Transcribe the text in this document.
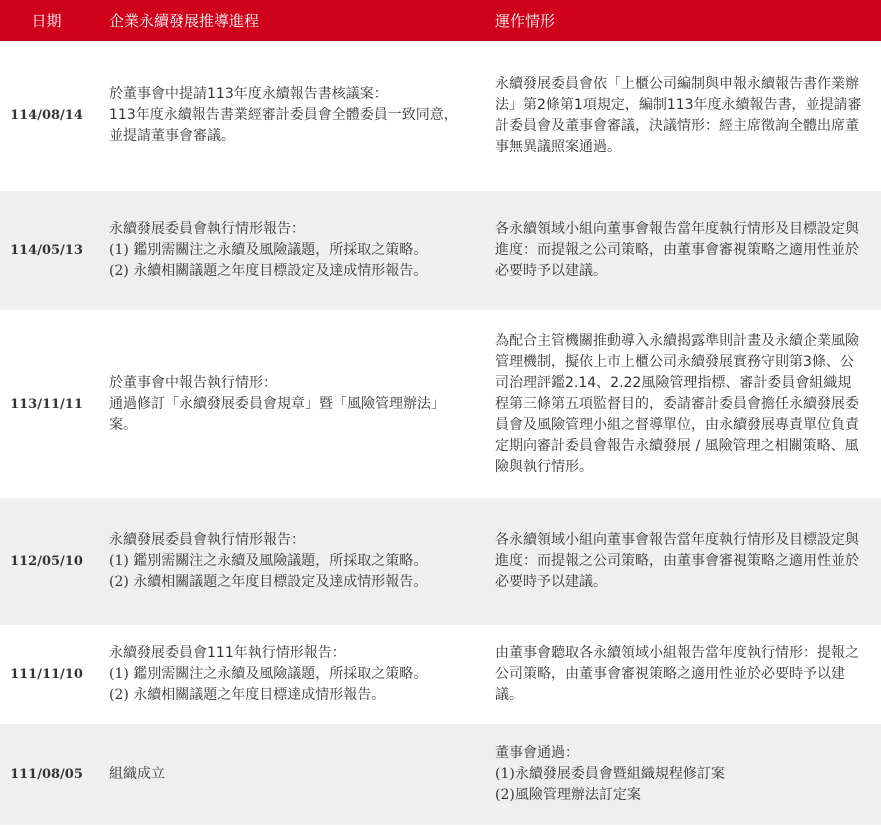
日期	企業永續發展推導進程	運作情形
114/08/14	於董事會中提請113年度永續報告書核議案：
113年度永續報告書業經審計委員會全體委員一致同意，並提請董事會審議。	永續發展委員會依「上櫃公司編制與申報永續報告書作業辦法」第2條第1項規定，編制113年度永續報告書，並提請審計委員會及董事會審議，決議情形：經主席徵詢全體出席董事無異議照案通過。

114/05/13	永續發展委員會執行情形報告：
(1) 鑑別需關注之永續及風險議題，所採取之策略。
(2) 永續相關議題之年度目標設定及達成情形報告。	各永續領域小組向董事會報告當年度執行情形及目標設定與進度：而提報之公司策略，由董事會審視策略之適用性並於必要時予以建議。

113/11/11	於董事會中報告執行情形：
通過修訂「永續發展委員會規章」暨「風險管理辦法」案。	為配合主管機關推動導入永續揭露準則計畫及永續企業風險管理機制，擬依上市上櫃公司永續發展實務守則第3條、公司治理評鑑2.14、2.22風險管理指標、審計委員會組織規程第三條第五項監督目的，委請審計委員會擔任永續發展委員會及風險管理小組之督導單位，由永續發展專責單位負責定期向審計委員會報告永續發展 / 風險管理之相關策略、風險與執行情形。

112/05/10	永續發展委員會執行情形報告：
(1) 鑑別需關注之永續及風險議題，所採取之策略。
(2) 永續相關議題之年度目標設定及達成情形報告。	各永續領域小組向董事會報告當年度執行情形及目標設定與進度：而提報之公司策略，由董事會審視策略之適用性並於必要時予以建議。

111/11/10	永續發展委員會111年執行情形報告：
(1) 鑑別需關注之永續及風險議題，所採取之策略。
(2) 永續相關議題之年度目標達成情形報告。	由董事會聽取各永續領域小組報告當年度執行情形：提報之公司策略，由董事會審視策略之適用性並於必要時予以建議。

111/08/05	組織成立	董事會通過：
(1)永續發展委員會暨組織規程修訂案
(2)風險管理辦法訂定案
